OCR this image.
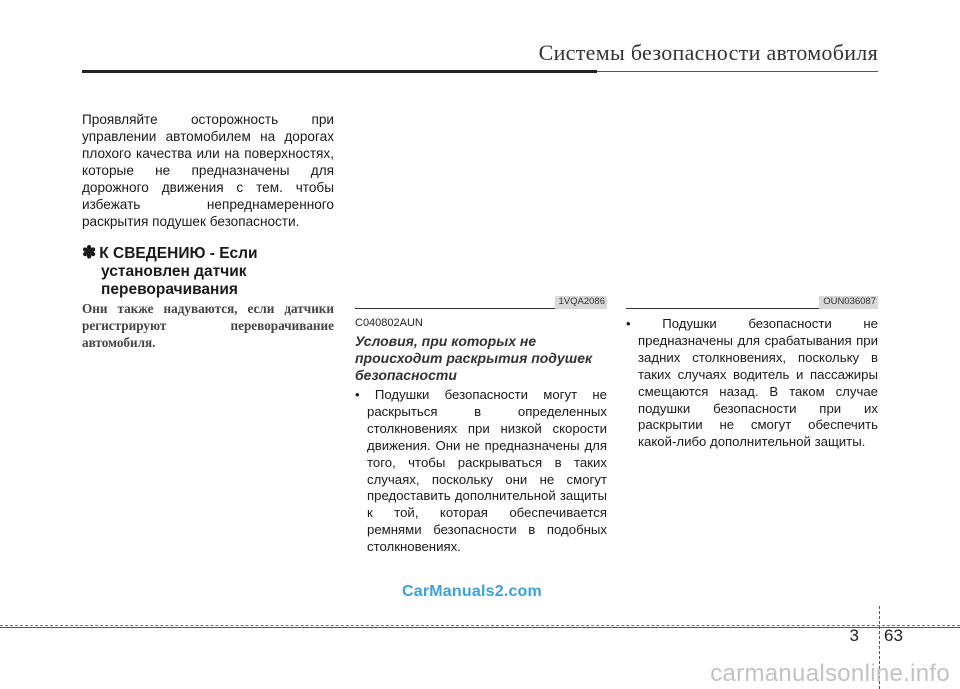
Системы безопасности автомобиля

Проявляйте осторожность при управлении автомобилем на дорогах плохого качества или на поверхностях, которые не предназначены для дорожного движения с тем. чтобы избежать непреднамеренного раскрытия подушек безопасности.

✽ К СВЕДЕНИЮ - Если установлен датчик переворачивания

Они также надуваются, если датчики регистрируют переворачивание автомобиля.

1VQA2086	OUN036087
C040802AUN
Условия, при которых не происходит раскрытия подушек безопасности

• Подушки безопасности могут не раскрыться в определенных столкновениях при низкой скорости движения. Они не предназначены для того, чтобы раскрываться в таких случаях, поскольку они не смогут предоставить дополнительной защиты к той, которая обеспечивается ремнями безопасности в подобных столкновениях.

• Подушки безопасности не предназначены для срабатывания при задних столкновениях, поскольку в таких случаях водитель и пассажиры смещаются назад. В таком случае подушки безопасности при их раскрытии не смогут обеспечить какой-либо дополнительной защиты.

CarManuals2.com
3 63
carmanualsonline.info
